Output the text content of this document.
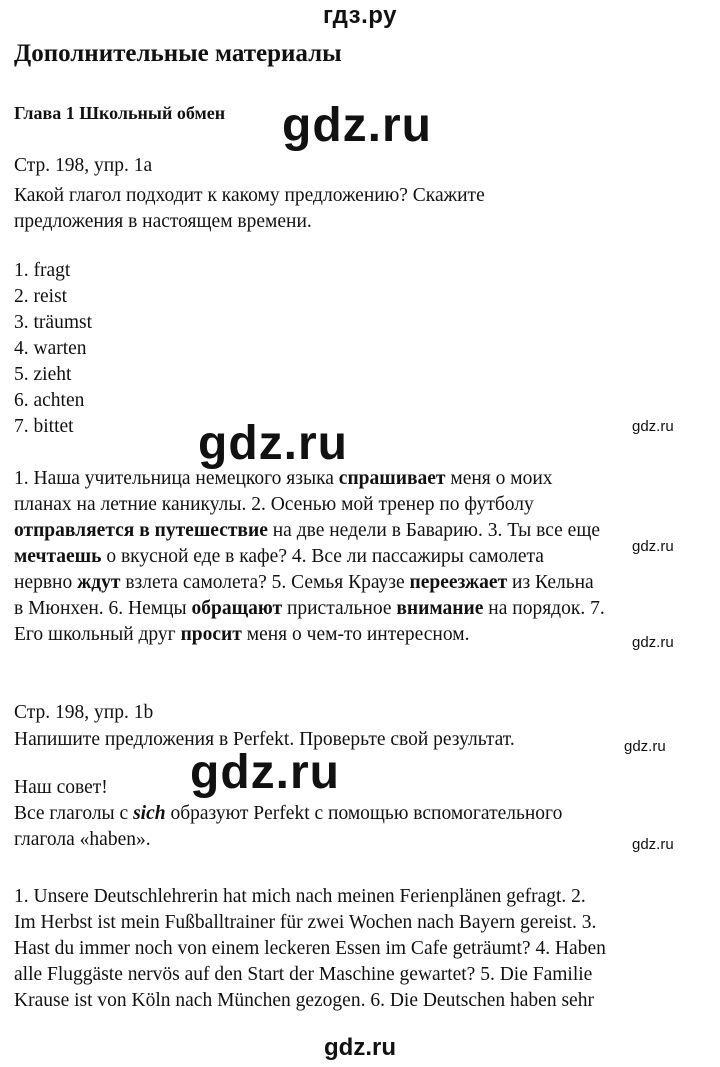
гдз.ру
Дополнительные материалы
Глава 1 Школьный обмен
Стр. 198, упр. 1a
Какой глагол подходит к какому предложению? Скажите
предложения в настоящем времени.
1. fragt
2. reist
3. träumst
4. warten
5. zieht
6. achten
7. bittet
1. Наша учительница немецкого языка спрашивает меня о моих
планах на летние каникулы. 2. Осенью мой тренер по футболу
отправляется в путешествие на две недели в Баварию. 3. Ты все еще
мечтаешь о вкусной еде в кафе? 4. Все ли пассажиры самолета
нервно ждут взлета самолета? 5. Семья Краузе переезжает из Кельна
в Мюнхен. 6. Немцы обращают пристальное внимание на порядок. 7.
Его школьный друг просит меня о чем-то интересном.
Стр. 198, упр. 1b
Напишите предложения в Perfekt. Проверьте свой результат.
Наш совет!
Все глаголы с sich образуют Perfekt с помощью вспомогательного
глагола «haben».
1. Unsere Deutschlehrerin hat mich nach meinen Ferienplänen gefragt. 2.
Im Herbst ist mein Fußballtrainer für zwei Wochen nach Bayern gereist. 3.
Hast du immer noch von einem leckeren Essen im Cafe geträumt? 4. Haben
alle Fluggäste nervös auf den Start der Maschine gewartet? 5. Die Familie
Krause ist von Köln nach München gezogen. 6. Die Deutschen haben sehr
gdz.ru
gdz.ru
gdz.ru
gdz.ru
gdz.ru
gdz.ru
gdz.ru
gdz.ru
gdz.ru
